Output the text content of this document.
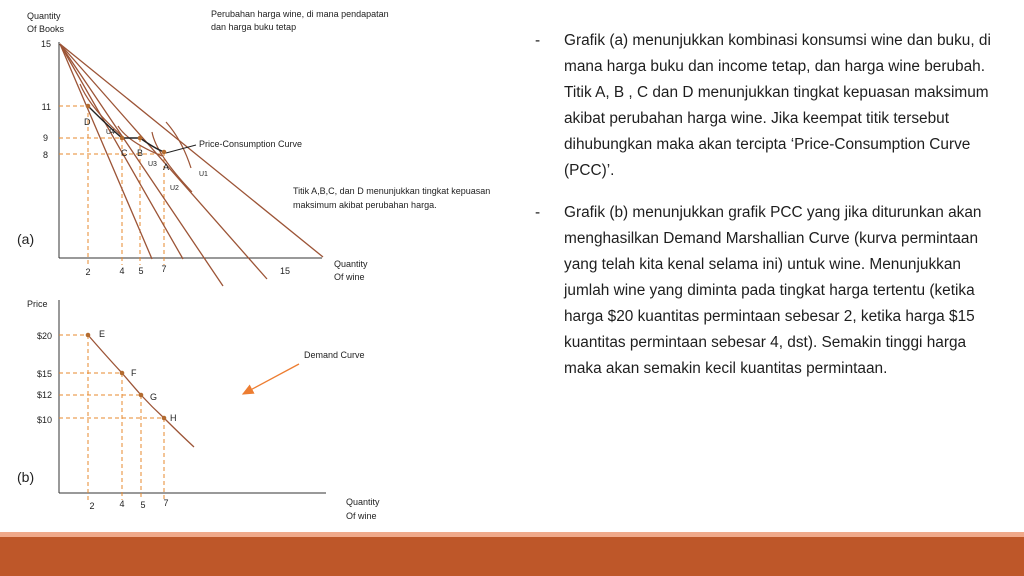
Quantity
Of Books
Quantity
Of wine
(a)
15
11
9
8
2	4 5 7	15
D
C B
A
U4
U3
U1
U2
Perubahan harga wine, di mana pendapatan
dan harga buku tetap
Price-Consumption Curve
Titik A,B,C, dan D menunjukkan tingkat kepuasan
maksimum akibat perubahan harga.
Price
Quantity
Of wine
(b)
$20
$15
$12
$10
2	4 5 7
E
F
G
H
Demand Curve
- Grafik (a) menunjukkan kombinasi konsumsi wine dan buku, di mana harga buku dan income tetap, dan harga wine berubah. Titik A, B , C dan D menunjukkan tingkat kepuasan maksimum akibat perubahan harga wine. Jika keempat titik tersebut dihubungkan maka akan tercipta ‘Price-Consumption Curve (PCC)’.
- Grafik (b) menunjukkan grafik PCC yang jika diturunkan akan menghasilkan Demand Marshallian Curve (kurva permintaan yang telah kita kenal selama ini) untuk wine. Menunjukkan jumlah wine yang diminta pada tingkat harga tertentu (ketika harga $20 kuantitas permintaan sebesar 2, ketika harga $15 kuantitas permintaan sebesar 4, dst). Semakin tinggi harga maka akan semakin kecil kuantitas permintaan.
